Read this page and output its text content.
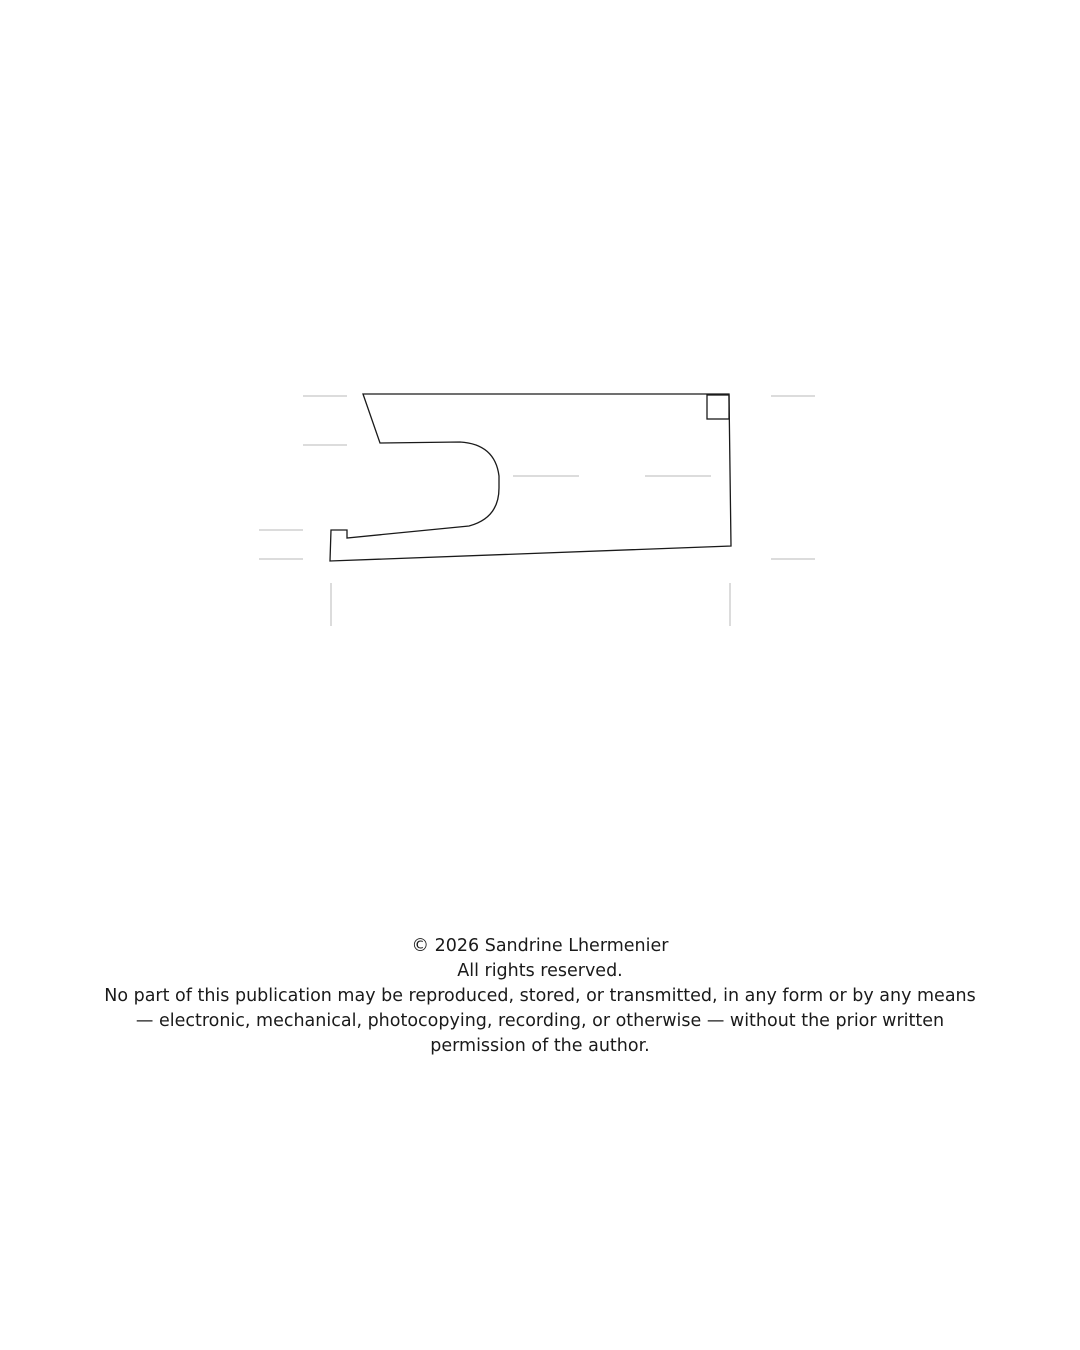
© 2026 Sandrine Lhermenier

All rights reserved.

No part of this publication may be reproduced, stored, or transmitted, in any form or by any means — electronic, mechanical, photocopying, recording, or otherwise — without the prior written permission of the author.
